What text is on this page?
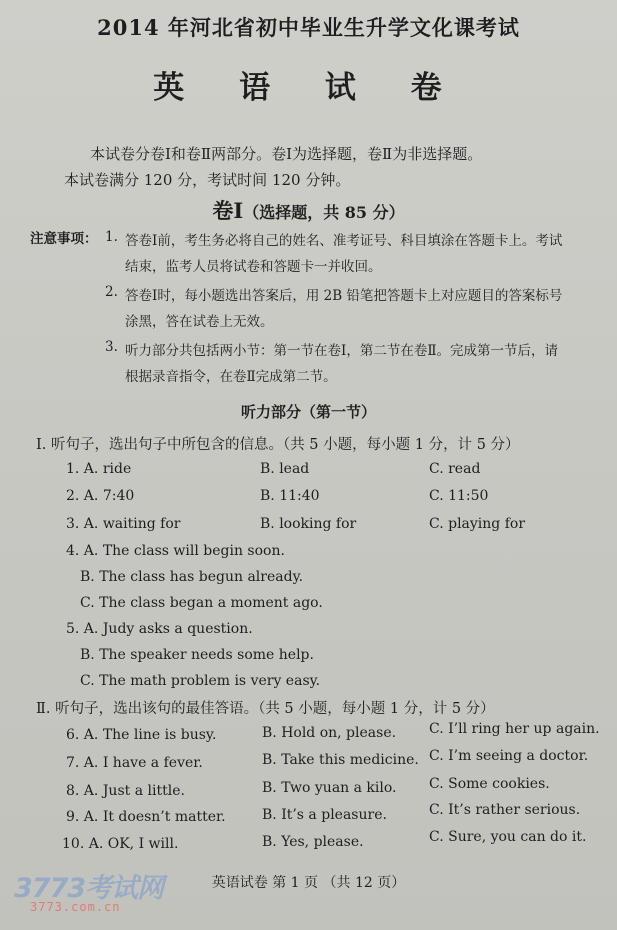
2014 年河北省初中毕业生升学文化课考试
英 语 试 卷
本试卷分卷Ⅰ和卷Ⅱ两部分。卷Ⅰ为选择题，卷Ⅱ为非选择题。
本试卷满分 120 分，考试时间 120 分钟。
卷Ⅰ（选择题，共 85 分）
注意事项： 1. 答卷Ⅰ前，考生务必将自己的姓名、准考证号、科目填涂在答题卡上。考试
结束，监考人员将试卷和答题卡一并收回。
2. 答卷Ⅰ时，每小题选出答案后，用 2B 铅笔把答题卡上对应题目的答案标号
涂黑，答在试卷上无效。
3. 听力部分共包括两小节：第一节在卷Ⅰ，第二节在卷Ⅱ。完成第一节后，请
根据录音指令，在卷Ⅱ完成第二节。
听力部分（第一节）
Ⅰ. 听句子，选出句子中所包含的信息。（共 5 小题，每小题 1 分，计 5 分）
1. A. ride	B. lead	C. read
2. A. 7:40	B. 11:40	C. 11:50
3. A. waiting for	B. looking for	C. playing for
4. A. The class will begin soon.
B. The class has begun already.
C. The class began a moment ago.
5. A. Judy asks a question.
B. The speaker needs some help.
C. The math problem is very easy.
Ⅱ. 听句子，选出该句的最佳答语。（共 5 小题，每小题 1 分，计 5 分）
6. A. The line is busy.	B. Hold on, please. C. I’ll ring her up again.
7. A. I have a fever.	B. Take this medicine. C. I’m seeing a doctor.
8. A. Just a little.	B. Two yuan a kilo. C. Some cookies.
9. A. It doesn’t matter.	B. It’s a pleasure.	C. It’s rather serious.
10. A. OK, I will.	B. Yes, please.	C. Sure, you can do it.
英语试卷 第 1 页 （共 12 页）
3773考试网
3773.com.cn
